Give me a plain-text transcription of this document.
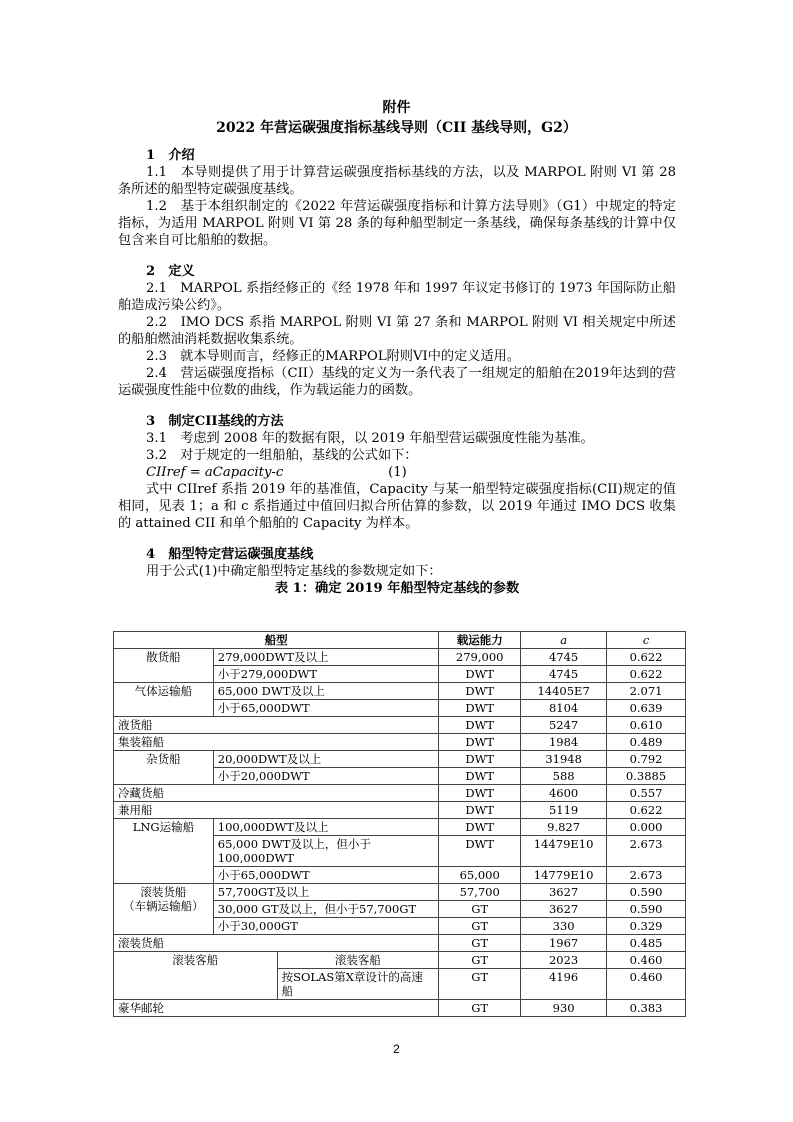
附件
2022 年营运碳强度指标基线导则（CII 基线导则，G2）

1　介绍

1.1　本导则提供了用于计算营运碳强度指标基线的方法，以及 MARPOL 附则 VI 第 28 条所述的船型特定碳强度基线。

1.2　基于本组织制定的《2022 年营运碳强度指标和计算方法导则》（G1）中规定的特定指标，为适用 MARPOL 附则 VI 第 28 条的每种船型制定一条基线，确保每条基线的计算中仅包含来自可比船舶的数据。

2　定义

2.1　MARPOL 系指经修正的《经 1978 年和 1997 年议定书修订的 1973 年国际防止船舶造成污染公约》。

2.2　IMO DCS 系指 MARPOL 附则 VI 第 27 条和 MARPOL 附则 VI 相关规定中所述的船舶燃油消耗数据收集系统。

2.3　就本导则而言，经修正的MARPOL附则VI中的定义适用。

2.4　营运碳强度指标（CII）基线的定义为一条代表了一组规定的船舶在2019年达到的营运碳强度性能中位数的曲线，作为载运能力的函数。

3　制定CII基线的方法

3.1　考虑到 2008 年的数据有限，以 2019 年船型营运碳强度性能为基准。

3.2　对于规定的一组船舶，基线的公式如下：

CIIref = aCapacity-c	(1)

式中 CIIref 系指 2019 年的基准值，Capacity 与某一船型特定碳强度指标(CII)规定的值相同，见表 1；a 和 c 系指通过中值回归拟合所估算的参数，以 2019 年通过 IMO DCS 收集的 attained CII 和单个船舶的 Capacity 为样本。

4　船型特定营运碳强度基线

用于公式(1)中确定船型特定基线的参数规定如下：

表 1：确定 2019 年船型特定基线的参数

船型			载运能力	a	c
散货船	279,000DWT及以上		279,000	4745	0.622
	小于279,000DWT		DWT	4745	0.622
气体运输船	65,000 DWT及以上		DWT	14405E7	2.071
	小于65,000DWT		DWT	8104	0.639
液货船			DWT	5247	0.610
集装箱船			DWT	1984	0.489
杂货船	20,000DWT及以上		DWT	31948	0.792
	小于20,000DWT		DWT	588	0.3885
冷藏货船			DWT	4600	0.557
兼用船			DWT	5119	0.622
LNG运输船	100,000DWT及以上		DWT	9.827	0.000
	65,000 DWT及以上，但小于100,000DWT		DWT	14479E10	2.673
	小于65,000DWT		65,000	14779E10	2.673

滚装货船
（车辆运输船）	57,700GT及以上		57,700	3627	0.590
	30,000 GT及以上，但小于57,700GT		GT	3627	0.590
	小于30,000GT		GT	330	0.329
滚装货船			GT	1967	0.485
滚装客船		滚装客船	GT	2023	0.460
		按SOLAS第X章设计的高速船	GT	4196	0.460
豪华邮轮			GT	930	0.383
2
